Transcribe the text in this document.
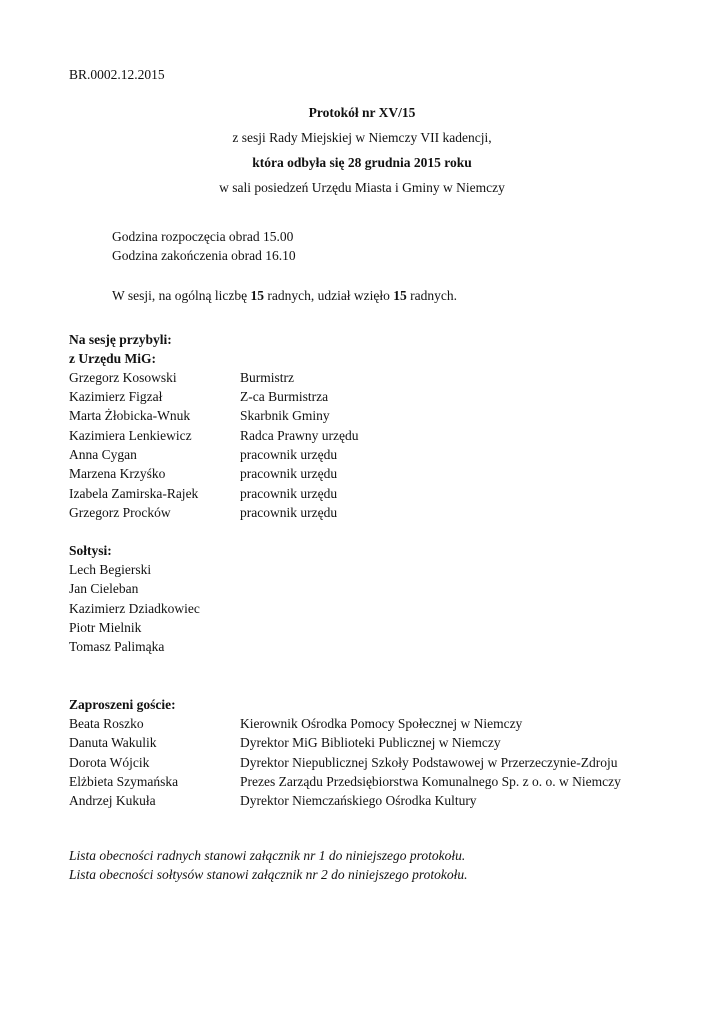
BR.0002.12.2015
Protokół nr XV/15
z sesji Rady Miejskiej w Niemczy VII kadencji,
która odbyła się 28 grudnia 2015 roku
w sali posiedzeń Urzędu Miasta i Gminy w Niemczy
Godzina rozpoczęcia obrad 15.00
Godzina zakończenia obrad 16.10
W sesji, na ogólną liczbę 15 radnych, udział wzięło 15 radnych.
Na sesję przybyli:
z Urzędu MiG:
Grzegorz Kosowski	Burmistrz
Kazimierz Figzał	Z-ca Burmistrza
Marta Żłobicka-Wnuk	Skarbnik Gminy
Kazimiera Lenkiewicz	Radca Prawny urzędu
Anna Cygan	pracownik urzędu
Marzena Krzyśko	pracownik urzędu
Izabela Zamirska-Rajek	pracownik urzędu
Grzegorz Procków	pracownik urzędu
Sołtysi:
Lech Begierski
Jan Cieleban
Kazimierz Dziadkowiec
Piotr Mielnik
Tomasz Palimąka
Zaproszeni goście:
Beata Roszko	Kierownik Ośrodka Pomocy Społecznej w Niemczy
Danuta Wakulik	Dyrektor MiG Biblioteki Publicznej w Niemczy
Dorota Wójcik	Dyrektor Niepublicznej Szkoły Podstawowej w Przerzeczynie-Zdroju
Elżbieta Szymańska	Prezes Zarządu Przedsiębiorstwa Komunalnego Sp. z o. o. w Niemczy
Andrzej Kukuła	Dyrektor Niemczańskiego Ośrodka Kultury
Lista obecności radnych stanowi załącznik nr 1 do niniejszego protokołu.
Lista obecności sołtysów stanowi załącznik nr 2 do niniejszego protokołu.
